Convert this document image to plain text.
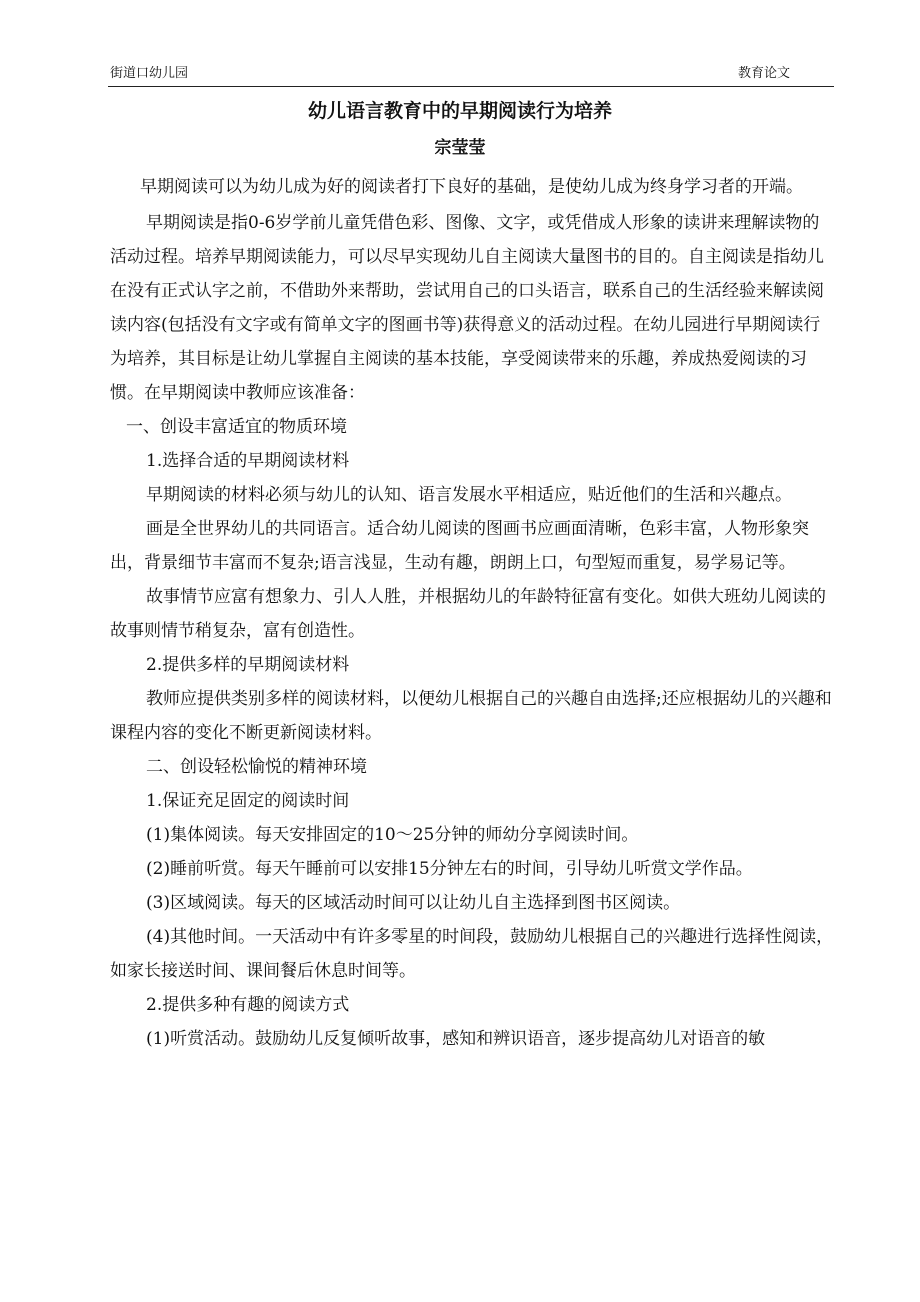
街道口幼儿园	教育论文
幼儿语言教育中的早期阅读行为培养
宗莹莹

早期阅读可以为幼儿成为好的阅读者打下良好的基础，是使幼儿成为终身学习者的开端。

早期阅读是指0-6岁学前儿童凭借色彩、图像、文字，或凭借成人形象的读讲来理解读物的活动过程。培养早期阅读能力，可以尽早实现幼儿自主阅读大量图书的目的。自主阅读是指幼儿在没有正式认字之前，不借助外来帮助，尝试用自己的口头语言，联系自己的生活经验来解读阅读内容(包括没有文字或有简单文字的图画书等)获得意义的活动过程。在幼儿园进行早期阅读行为培养，其目标是让幼儿掌握自主阅读的基本技能，享受阅读带来的乐趣，养成热爱阅读的习惯。在早期阅读中教师应该准备：

一、创设丰富适宜的物质环境

1.选择合适的早期阅读材料

早期阅读的材料必须与幼儿的认知、语言发展水平相适应，贴近他们的生活和兴趣点。

画是全世界幼儿的共同语言。适合幼儿阅读的图画书应画面清晰，色彩丰富，人物形象突出，背景细节丰富而不复杂;语言浅显，生动有趣，朗朗上口，句型短而重复，易学易记等。

故事情节应富有想象力、引人人胜，并根据幼儿的年龄特征富有变化。如供大班幼儿阅读的故事则情节稍复杂，富有创造性。

2.提供多样的早期阅读材料

教师应提供类别多样的阅读材料，以便幼儿根据自己的兴趣自由选择;还应根据幼儿的兴趣和课程内容的变化不断更新阅读材料。

二、创设轻松愉悦的精神环境

1.保证充足固定的阅读时间

(1)集体阅读。每天安排固定的10～25分钟的师幼分享阅读时间。

(2)睡前听赏。每天午睡前可以安排15分钟左右的时间，引导幼儿听赏文学作品。

(3)区域阅读。每天的区域活动时间可以让幼儿自主选择到图书区阅读。

(4)其他时间。一天活动中有许多零星的时间段，鼓励幼儿根据自己的兴趣进行选择性阅读，如家长接送时间、课间餐后休息时间等。

2.提供多种有趣的阅读方式

(1)听赏活动。鼓励幼儿反复倾听故事，感知和辨识语音，逐步提高幼儿对语音的敏
